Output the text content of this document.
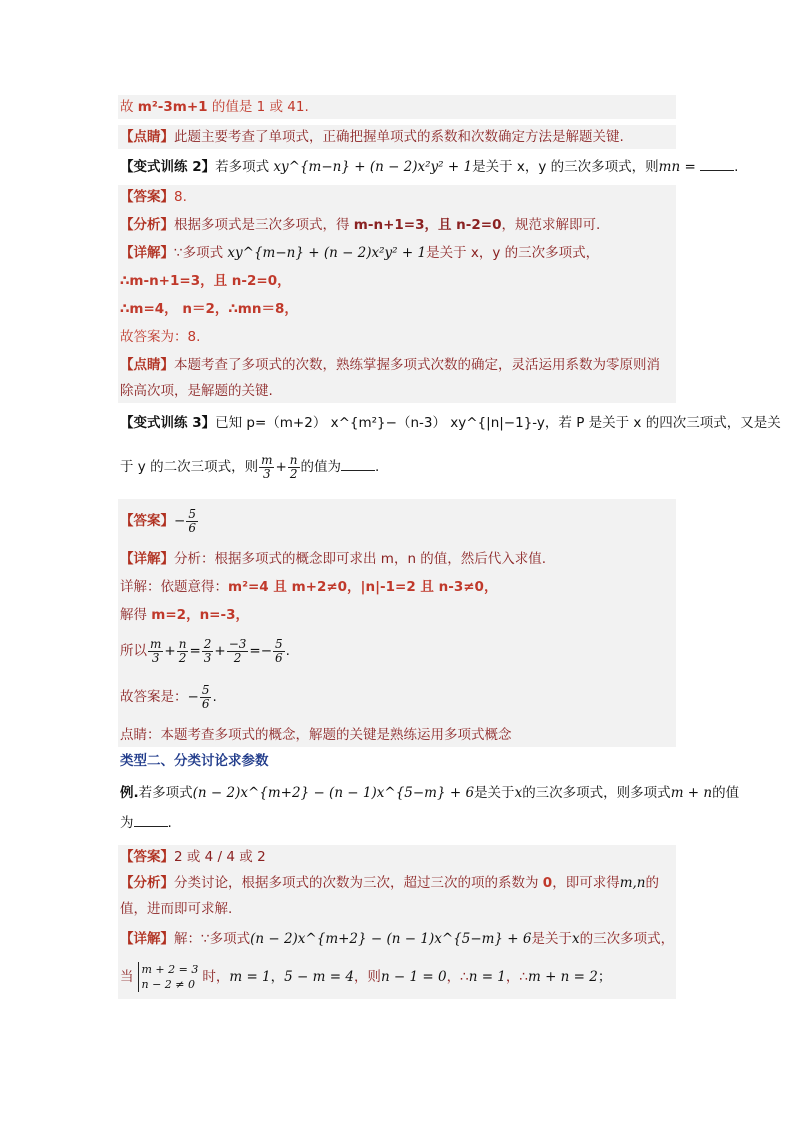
故 m²-3m+1 的值是 1 或 41.
【点睛】此题主要考查了单项式，正确把握单项式的系数和次数确定方法是解题关键.
【变式训练 2】若多项式 xy^{m−n} + (n − 2)x²y² + 1是关于 x，y 的三次多项式，则mn =	.
【答案】8.
【分析】根据多项式是三次多项式，得 m-n+1=3，且 n-2=0，规范求解即可.
【详解】∵多项式 xy^{m−n} + (n − 2)x²y² + 1是关于 x，y 的三次多项式，
∴m-n+1=3，且 n-2=0，
∴m=4， n＝2，∴mn＝8，
故答案为：8.
【点睛】本题考查了多项式的次数，熟练掌握多项式次数的确定，灵活运用系数为零原则消
除高次项，是解题的关键.
【变式训练 3】已知 p=（m+2） x^{m²}−（n-3） xy^{|n|−1}-y，若 P 是关于 x 的四次三项式，又是关
于 y 的二次三项式，则 $\frac{m}{3} + \frac{n}{2}$ 的值为	.
【答案】− $\frac{5}{6}$
【详解】分析：根据多项式的概念即可求出 m，n 的值，然后代入求值.
详解：依题意得：m²=4 且 m+2≠0，|n|-1=2 且 n-3≠0，
解得 m=2，n=-3，
所以 $\frac{m}{3} + \frac{n}{2} = \frac{2}{3} + \frac{-3}{2} =- \frac{5}{6}$ .
故答案是：− $\frac{5}{6}$ .
点睛：本题考查多项式的概念，解题的关键是熟练运用多项式概念
类型二、分类讨论求参数
例.若多项式(n − 2)x^{m+2} − (n − 1)x^{5−m} + 6是关于x的三次多项式，则多项式m + n的值
为	.
【答案】2 或 4 / 4 或 2
【分析】分类讨论，根据多项式的次数为三次，超过三次的项的系数为 0，即可求得m,n的
值，进而即可求解.
【详解】解：∵多项式(n − 2)x^{m+2} − (n − 1)x^{5−m} + 6是关于x的三次多项式，
当 m + 2 = 3
n − 2 ≠ 0 时，m = 1，5 − m = 4，则n − 1 = 0，∴n = 1，∴m + n = 2；
